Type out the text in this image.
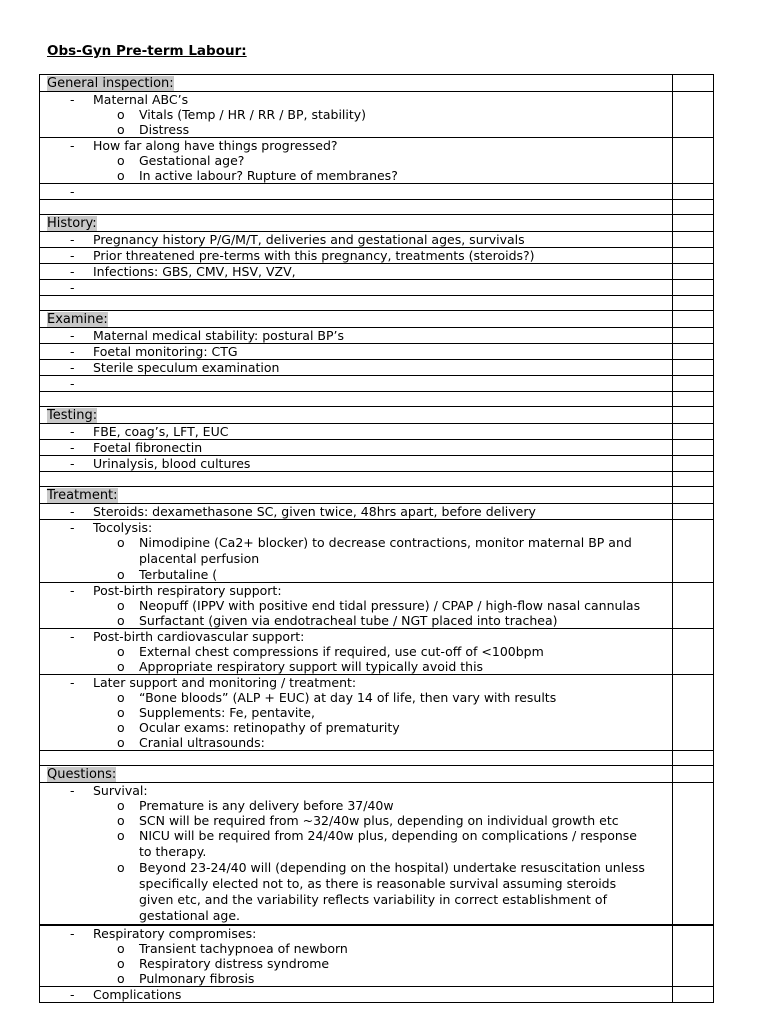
Obs-Gyn Pre-term Labour:
General inspection:
- Maternal ABC’s
o Vitals (Temp / HR / RR / BP, stability)
o Distress
- How far along have things progressed?
o Gestational age?
o In active labour? Rupture of membranes?
-

History:
- Pregnancy history P/G/M/T, deliveries and gestational ages, survivals
- Prior threatened pre-terms with this pregnancy, treatments (steroids?)
- Infections: GBS, CMV, HSV, VZV,
-

Examine:
- Maternal medical stability: postural BP’s
- Foetal monitoring: CTG
- Sterile speculum examination
-

Testing:
- FBE, coag’s, LFT, EUC
- Foetal fibronectin
- Urinalysis, blood cultures
Treatment:
- Steroids: dexamethasone SC, given twice, 48hrs apart, before delivery
- Tocolysis:
o Nimodipine (Ca2+ blocker) to decrease contractions, monitor maternal BP and placental perfusion
o Terbutaline (
- Post-birth respiratory support:
o Neopuff (IPPV with positive end tidal pressure) / CPAP / high-flow nasal cannulas
o Surfactant (given via endotracheal tube / NGT placed into trachea)
- Post-birth cardiovascular support:
o External chest compressions if required, use cut-off of <100bpm
o Appropriate respiratory support will typically avoid this
- Later support and monitoring / treatment:
o “Bone bloods” (ALP + EUC) at day 14 of life, then vary with results
o Supplements: Fe, pentavite,
o Ocular exams: retinopathy of prematurity
o Cranial ultrasounds:
Questions:
- Survival:
o Premature is any delivery before 37/40w
o SCN will be required from ~32/40w plus, depending on individual growth etc
o NICU will be required from 24/40w plus, depending on complications / response to therapy.
o Beyond 23-24/40 will (depending on the hospital) undertake resuscitation unless specifically elected not to, as there is reasonable survival assuming steroids given etc, and the variability reflects variability in correct establishment of gestational age.
- Respiratory compromises:
o Transient tachypnoea of newborn
o Respiratory distress syndrome
o Pulmonary fibrosis
- Complications
